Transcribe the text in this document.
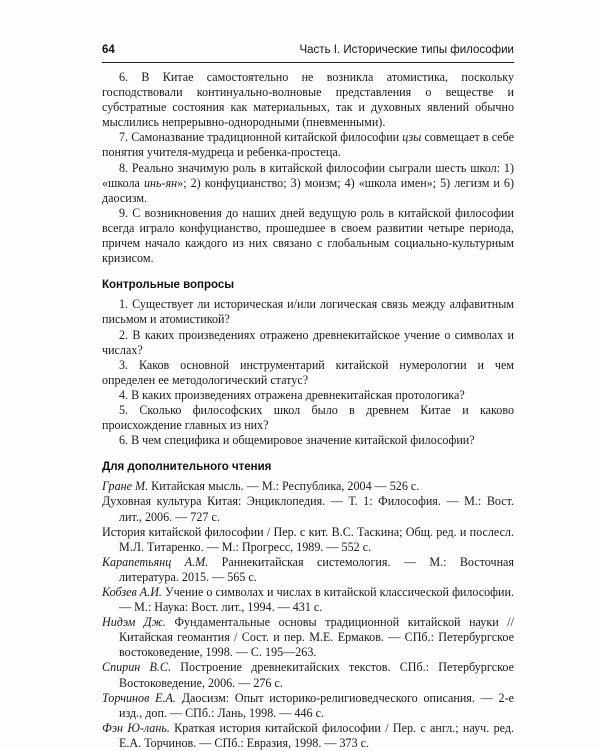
64	Часть I. Исторические типы философии

6. В Китае самостоятельно не возникла атомистика, поскольку господствовали континуально-волновые представления о веществе и субстратные состояния как материальных, так и духовных явлений обычно мыслились непрерывно-однородными (пневменными).

7. Самоназвание традиционной китайской философии цзы совмещает в себе понятия учителя-мудреца и ребенка-простеца.

8. Реально значимую роль в китайской философии сыграли шесть школ: 1) «школа инь-ян»; 2) конфуцианство; 3) моизм; 4) «школа имен»; 5) легизм и 6) даосизм.

9. С возникновения до наших дней ведущую роль в китайской философии всегда играло конфуцианство, прошедшее в своем развитии четыре периода, причем начало каждого из них связано с глобальным социально-культурным кризисом.

Контрольные вопросы

1. Существует ли историческая и/или логическая связь между алфавитным письмом и атомистикой?

2. В каких произведениях отражено древнекитайское учение о символах и числах?

3. Каков основной инструментарий китайской нумерологии и чем определен ее методологический статус?

4. В каких произведениях отражена древнекитайская протологика?

5. Сколько философских школ было в древнем Китае и каково происхождение главных из них?

6. В чем специфика и общемировое значение китайской философии?

Для дополнительного чтения

Гране М. Китайская мысль. — М.: Республика, 2004 — 526 с.

Духовная культура Китая: Энциклопедия. — Т. 1: Философия. — М.: Вост. лит., 2006. — 727 с.

История китайской философии / Пер. с кит. В.С. Таскина; Общ. ред. и послесл. М.Л. Титаренко. — М.: Прогресс, 1989. — 552 с.

Карапетьянц А.М. Раннекитайская системология. — М.: Восточная литература. 2015. — 565 с.

Кобзев А.И. Учение о символах и числах в китайской классической философии. — М.: Наука: Вост. лит., 1994. — 431 с.

Нидэм Дж. Фундаментальные основы традиционной китайской науки // Китайская геомантия / Сост. и пер. М.Е. Ермаков. — СПб.: Петербургское востоковедение, 1998. — С. 195—263.

Спирин В.С. Построение древнекитайских текстов. СПб.: Петербургское Востоковедение, 2006. — 276 с.

Торчинов Е.А. Даосизм: Опыт историко-религиоведческого описания. — 2-е изд., доп. — СПб.: Лань, 1998. — 446 с.

Фэн Ю-лань. Краткая история китайской философии / Пер. с англ.; науч. ред. Е.А. Торчинов. — СПб.: Евразия, 1998. — 373 с.
